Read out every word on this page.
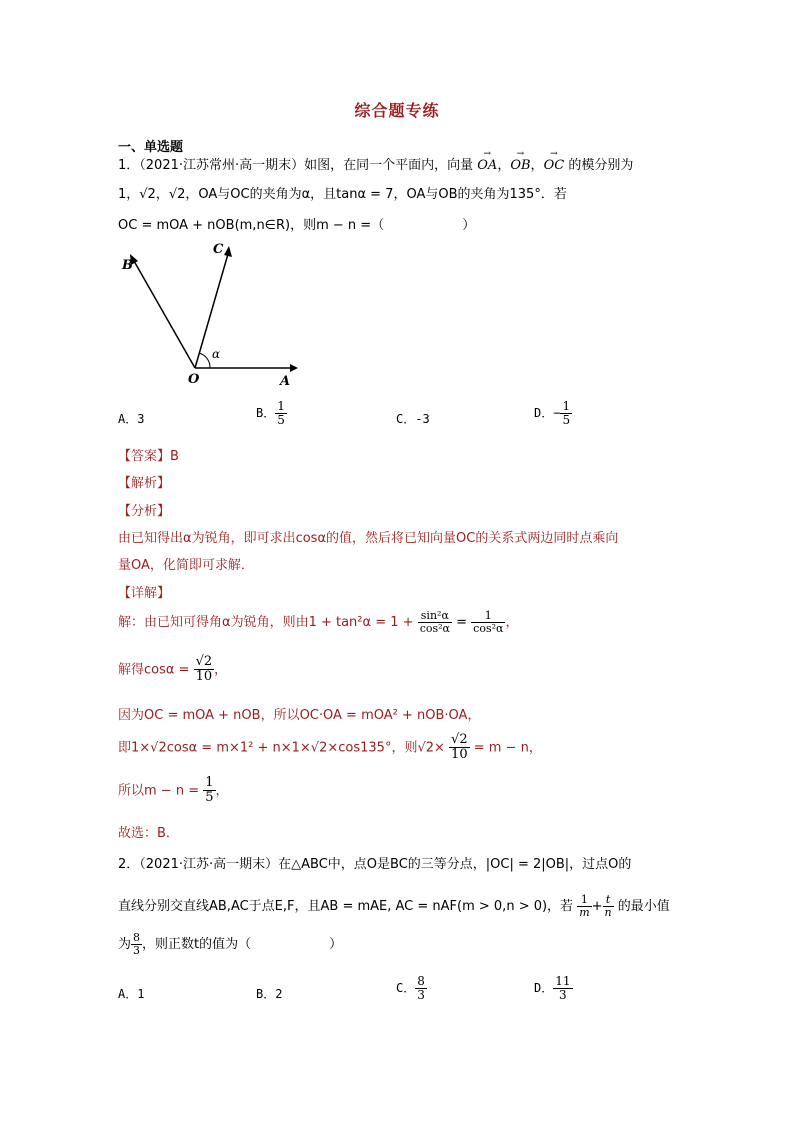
综合题专练
一、单选题
1．（2021·江苏常州·高一期末）如图，在同一个平面内，向量 → OA，→ OB，→ OC 的模分别为
1，√2，√2，OA与OC的夹角为α，且tanα = 7，OA与OB的夹角为135°．若
OC = mOA + nOB(m,n∈R)，则m − n =（　　　　　　）
B
C
α
O	A
A．3	B． $\frac{1}{5}$	C．-3	D．− $\frac{1}{5}$
【答案】B
【解析】
【分析】
由已知得出α为锐角，即可求出cosα的值，然后将已知向量OC的关系式两边同时点乘向
量OA，化简即可求解．
【详解】
解：由已知可得角α为锐角，则由$1 + \tan^2\alpha = 1 + \frac{\text{sin²α}}{\text{cos²α}} = \frac{1}{\text{cos²α}}$ ，
解得$\cos\alpha = \frac{√2}{10}$ ，
因为OC = mOA + nOB，所以OC·OA = mOA² + nOB·OA，
即1×√2cosα = m×1² + n×1×√2×cos135°，则$√2\times \frac{√2}{10} = m - n$，
所以$m - n = \frac{1}{5}$ ，
故选：B．
2．（2021·江苏·高一期末）在△ABC中，点O是BC的三等分点，|OC| = 2|OB|，过点O的
直线分别交直线AB,AC于点E,F，且AB = mAE, AC = nAF(m > 0,n > 0)，若 $\frac{1}{m} + \frac{t}{n}$ 的最小值
为 $\frac{8}{3}$ ，则正数t的值为（　　　　　　）
A．1	B．2	C． $\frac{8}{3}$	D． $\frac{11}{3}$
